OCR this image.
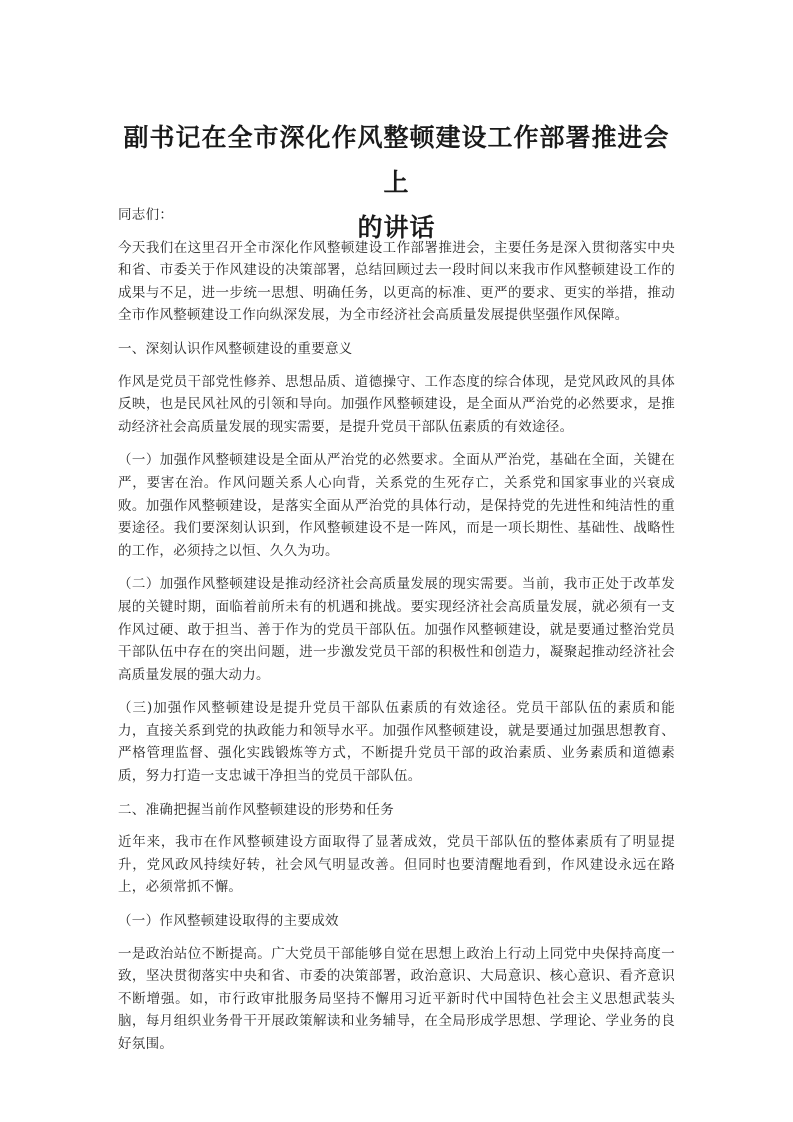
副书记在全市深化作风整顿建设工作部署推进会上
的讲话

同志们：

今天我们在这里召开全市深化作风整顿建设工作部署推进会，主要任务是深入贯彻落实中央和省、市委关于作风建设的决策部署，总结回顾过去一段时间以来我市作风整顿建设工作的成果与不足，进一步统一思想、明确任务，以更高的标准、更严的要求、更实的举措，推动全市作风整顿建设工作向纵深发展，为全市经济社会高质量发展提供坚强作风保障。

一、深刻认识作风整顿建设的重要意义

作风是党员干部党性修养、思想品质、道德操守、工作态度的综合体现，是党风政风的具体反映，也是民风社风的引领和导向。加强作风整顿建设，是全面从严治党的必然要求，是推动经济社会高质量发展的现实需要，是提升党员干部队伍素质的有效途径。

（一）加强作风整顿建设是全面从严治党的必然要求。全面从严治党，基础在全面，关键在严，要害在治。作风问题关系人心向背，关系党的生死存亡，关系党和国家事业的兴衰成败。加强作风整顿建设，是落实全面从严治党的具体行动，是保持党的先进性和纯洁性的重要途径。我们要深刻认识到，作风整顿建设不是一阵风，而是一项长期性、基础性、战略性的工作，必须持之以恒、久久为功。

（二）加强作风整顿建设是推动经济社会高质量发展的现实需要。当前，我市正处于改革发展的关键时期，面临着前所未有的机遇和挑战。要实现经济社会高质量发展，就必须有一支作风过硬、敢于担当、善于作为的党员干部队伍。加强作风整顿建设，就是要通过整治党员干部队伍中存在的突出问题，进一步激发党员干部的积极性和创造力，凝聚起推动经济社会高质量发展的强大动力。

（三)加强作风整顿建设是提升党员干部队伍素质的有效途径。党员干部队伍的素质和能力，直接关系到党的执政能力和领导水平。加强作风整顿建设，就是要通过加强思想教育、严格管理监督、强化实践锻炼等方式，不断提升党员干部的政治素质、业务素质和道德素质，努力打造一支忠诚干净担当的党员干部队伍。

二、准确把握当前作风整顿建设的形势和任务

近年来，我市在作风整顿建设方面取得了显著成效，党员干部队伍的整体素质有了明显提升，党风政风持续好转，社会风气明显改善。但同时也要清醒地看到，作风建设永远在路上，必须常抓不懈。

（一）作风整顿建设取得的主要成效

一是政治站位不断提高。广大党员干部能够自觉在思想上政治上行动上同党中央保持高度一致，坚决贯彻落实中央和省、市委的决策部署，政治意识、大局意识、核心意识、看齐意识不断增强。如，市行政审批服务局坚持不懈用习近平新时代中国特色社会主义思想武装头脑，每月组织业务骨干开展政策解读和业务辅导，在全局形成学思想、学理论、学业务的良好氛围。
